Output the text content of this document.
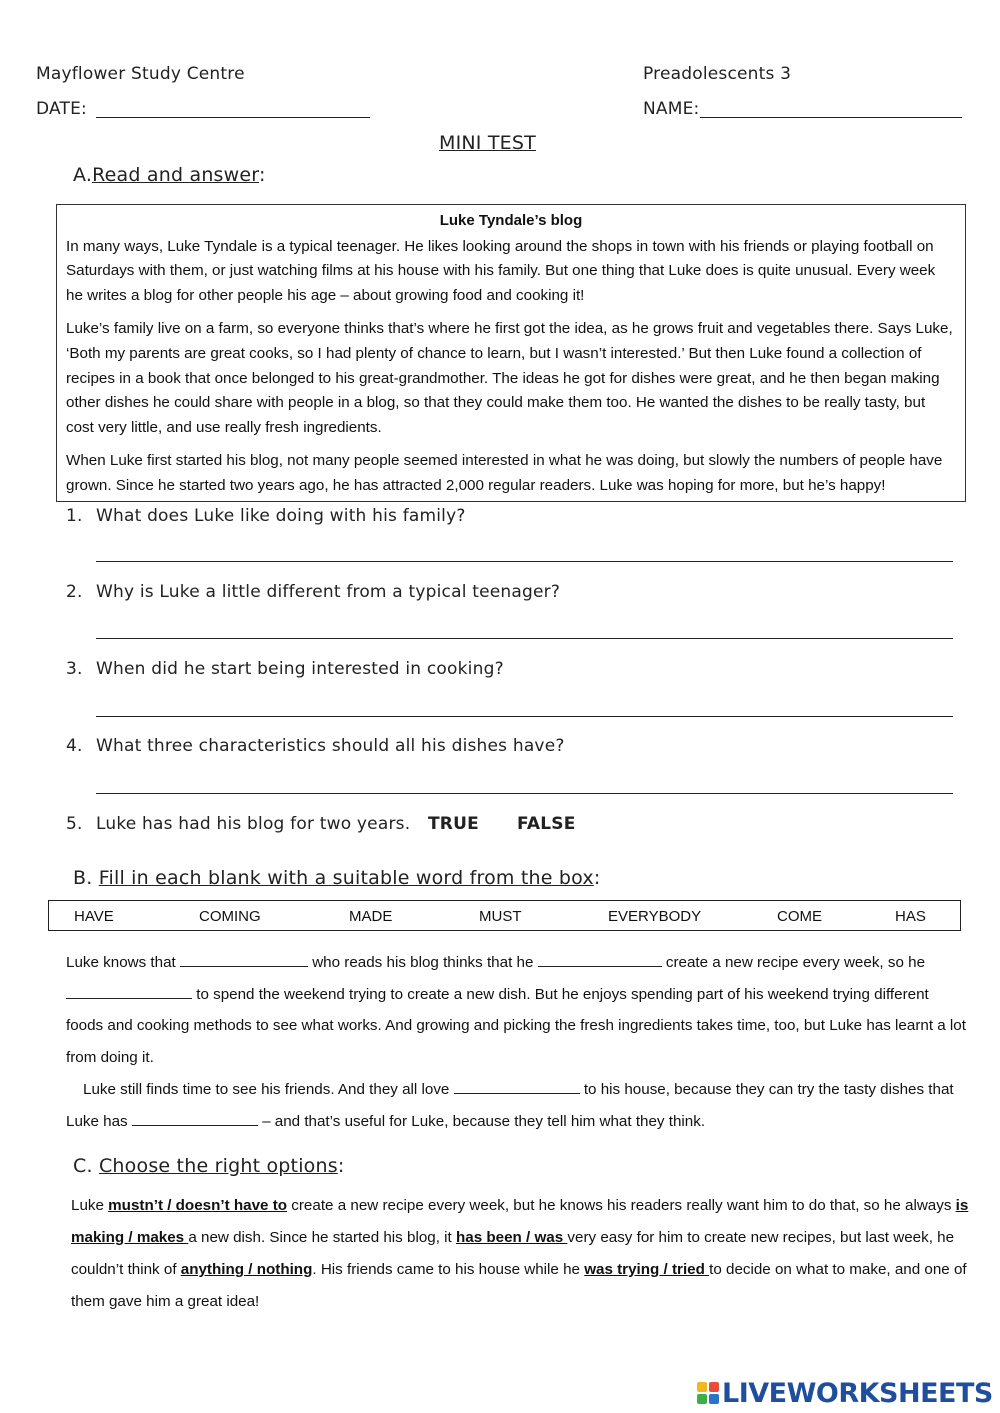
Mayflower Study Centre	Preadolescents 3
DATE:	NAME:
MINI TEST
A.Read and answer:
Luke Tyndale’s blog

In many ways, Luke Tyndale is a typical teenager. He likes looking around the shops in town with his friends or playing football on Saturdays with them, or just watching films at his house with his family. But one thing that Luke does is quite unusual. Every week he writes a blog for other people his age – about growing food and cooking it!

Luke’s family live on a farm, so everyone thinks that’s where he first got the idea, as he grows fruit and vegetables there. Says Luke, ‘Both my parents are great cooks, so I had plenty of chance to learn, but I wasn’t interested.’ But then Luke found a collection of recipes in a book that once belonged to his great-grandmother. The ideas he got for dishes were great, and he then began making other dishes he could share with people in a blog, so that they could make them too. He wanted the dishes to be really tasty, but cost very little, and use really fresh ingredients.

When Luke first started his blog, not many people seemed interested in what he was doing, but slowly the numbers of people have grown. Since he started two years ago, he has attracted 2,000 regular readers. Luke was hoping for more, but he’s happy!

1. What does Luke like doing with his family?
2. Why is Luke a little different from a typical teenager?
3. When did he start being interested in cooking?
4. What three characteristics should all his dishes have?
5. Luke has had his blog for two years. TRUE FALSE
B. Fill in each blank with a suitable word from the box:
HAVE	COMING	MADE	MUST	EVERYBODY	COME	HAS
Luke knows that	who reads his blog thinks that he	create a new recipe every week, so he  to spend the weekend trying to create a new dish. But he enjoys spending part of his weekend trying different foods and cooking methods to see what works. And growing and picking the fresh ingredients takes time, too, but Luke has learnt a lot from doing it.
Luke still finds time to see his friends. And they all love	to his house, because they can try the tasty dishes that Luke has	– and that’s useful for Luke, because they tell him what they think.
C. Choose the right options:
Luke mustn’t / doesn’t have to create a new recipe every week, but he knows his readers really want him to do that, so he always is making / makes a new dish. Since he started his blog, it has been / was very easy for him to create new recipes, but last week, he couldn’t think of anything / nothing. His friends came to his house while he was trying / tried to decide on what to make, and one of them gave him a great idea!
LIVEWORKSHEETS
